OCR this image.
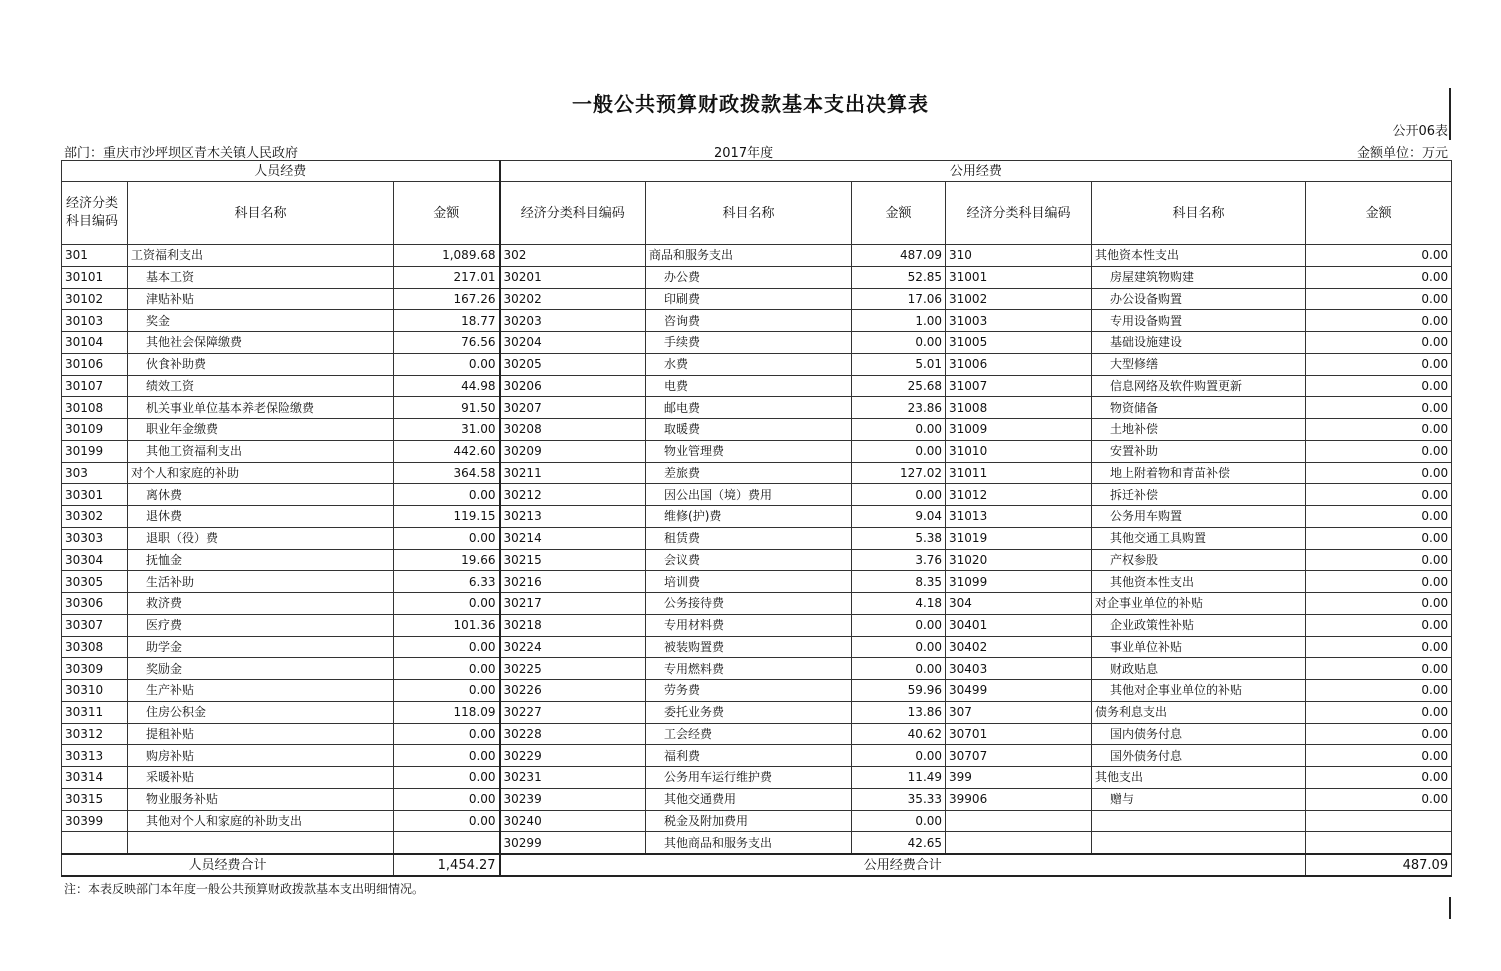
一般公共预算财政拨款基本支出决算表
公开06表
部门：重庆市沙坪坝区青木关镇人民政府	2017年度	金额单位：万元
人员经费			公用经费					
经济分类
科目编码	科目名称	金额	经济分类科目编码	科目名称	金额	经济分类科目编码	科目名称	金额
301	工资福利支出	1,089.68	302	商品和服务支出	487.09	310	其他资本性支出	0.00
30101	基本工资	217.01	30201	办公费	52.85	31001	房屋建筑物购建	0.00
30102	津贴补贴	167.26	30202	印刷费	17.06	31002	办公设备购置	0.00
30103	奖金	18.77	30203	咨询费	1.00	31003	专用设备购置	0.00
30104	其他社会保障缴费	76.56	30204	手续费	0.00	31005	基础设施建设	0.00
30106	伙食补助费	0.00	30205	水费	5.01	31006	大型修缮	0.00
30107	绩效工资	44.98	30206	电费	25.68	31007	信息网络及软件购置更新	0.00
30108	机关事业单位基本养老保险缴费	91.50	30207	邮电费	23.86	31008	物资储备	0.00
30109	职业年金缴费	31.00	30208	取暖费	0.00	31009	土地补偿	0.00
30199	其他工资福利支出	442.60	30209	物业管理费	0.00	31010	安置补助	0.00
303	对个人和家庭的补助	364.58	30211	差旅费	127.02	31011	地上附着物和青苗补偿	0.00
30301	离休费	0.00	30212	因公出国（境）费用	0.00	31012	拆迁补偿	0.00
30302	退休费	119.15	30213	维修(护)费	9.04	31013	公务用车购置	0.00
30303	退职（役）费	0.00	30214	租赁费	5.38	31019	其他交通工具购置	0.00
30304	抚恤金	19.66	30215	会议费	3.76	31020	产权参股	0.00
30305	生活补助	6.33	30216	培训费	8.35	31099	其他资本性支出	0.00
30306	救济费	0.00	30217	公务接待费	4.18	304	对企事业单位的补贴	0.00
30307	医疗费	101.36	30218	专用材料费	0.00	30401	企业政策性补贴	0.00
30308	助学金	0.00	30224	被装购置费	0.00	30402	事业单位补贴	0.00
30309	奖励金	0.00	30225	专用燃料费	0.00	30403	财政贴息	0.00
30310	生产补贴	0.00	30226	劳务费	59.96	30499	其他对企事业单位的补贴	0.00
30311	住房公积金	118.09	30227	委托业务费	13.86	307	债务利息支出	0.00
30312	提租补贴	0.00	30228	工会经费	40.62	30701	国内债务付息	0.00
30313	购房补贴	0.00	30229	福利费	0.00	30707	国外债务付息	0.00
30314	采暖补贴	0.00	30231	公务用车运行维护费	11.49	399	其他支出	0.00
30315	物业服务补贴	0.00	30239	其他交通费用	35.33	39906	赠与	0.00
30399	其他对个人和家庭的补助支出	0.00	30240	税金及附加费用	0.00			
			30299	其他商品和服务支出	42.65			
人员经费合计		1,454.27	公用经费合计					487.09
注：本表反映部门本年度一般公共预算财政拨款基本支出明细情况。
